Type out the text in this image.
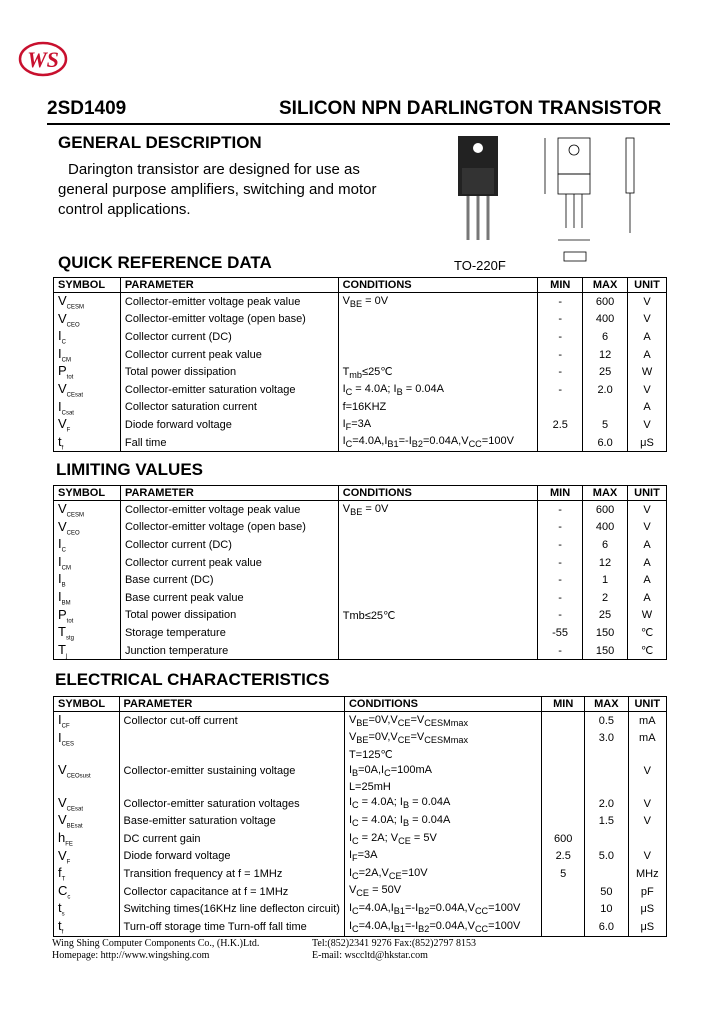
WS
2SD1409	SILICON NPN DARLINGTON TRANSISTOR
GENERAL DESCRIPTION
Darington transistor are designed for use as
general purpose amplifiers, switching and motor
control applications.
TO-220F
QUICK REFERENCE DATA
SYMBOL	PARAMETER	CONDITIONS	MIN	MAX	UNIT
$V_{CESM}$	Collector-emitter voltage peak value	$V_{BE} = 0V$	-	600	V
$V_{CEO}$	Collector-emitter voltage (open base)		-	400	V
$I_C$	Collector current (DC)		-	6	A
$I_{CM}$	Collector current peak value		-	12	A
$P_{tot}$	Total power dissipation	$T_{mb}\le 25℃$	-	25	W
$V_{CEsat}$	Collector-emitter saturation voltage	$I_C = 4.0A$; $I_B = 0.04A$	-	2.0	V
$I_{Csat}$	Collector saturation current	f=16KHZ			A
$V_F$	Diode forward voltage	$I_F=3A$	2.5	5	V
$t_f$	Fall time	$I_C=4.0A,I_{B1}=-I_{B2}=0.04A,V_{CC}=100V$		6.0	μS
LIMITING VALUES
SYMBOL	PARAMETER	CONDITIONS	MIN	MAX	UNIT
$V_{CESM}$	Collector-emitter voltage peak value	$V_{BE} = 0V$	-	600	V
$V_{CEO}$	Collector-emitter voltage (open base)		-	400	V
$I_C$	Collector current (DC)		-	6	A
$I_{CM}$	Collector current peak value		-	12	A
$I_B$	Base current (DC)		-	1	A
$I_{BM}$	Base current peak value		-	2	A
$P_{tot}$	Total power dissipation	Tmb≤25℃	-	25	W
$T_{stg}$	Storage temperature		-55	150	℃
$T_j$	Junction temperature		-	150	℃
ELECTRICAL CHARACTERISTICS
SYMBOL	PARAMETER	CONDITIONS	MIN	MAX	UNIT
$I_{CF}$	Collector cut-off current	$V_{BE}=0V,V_{CE}=V_{CESMmax}$		0.5	mA
$I_{CES}$		$V_{BE}=0V,V_{CE}=V_{CESMmax}$		3.0	mA
		T=125℃			
$V_{CEOsust}$	Collector-emitter sustaining voltage	$I_B=0A,I_C=100mA$			V
		L=25mH			
$V_{CEsat}$	Collector-emitter saturation voltages	$I_C = 4.0A$; $I_B = 0.04A$		2.0	V
$V_{BEsat}$	Base-emitter saturation voltage	$I_C = 4.0A$; $I_B = 0.04A$		1.5	V
$h_{FE}$	DC current gain	$I_C = 2A$; $V_{CE} = 5V$	600		
$V_F$	Diode forward voltage	$I_F=3A$	2.5	5.0	V
$f_T$	Transition frequency at f = 1MHz	$I_C=2A,V_{CE}=10V$	5		MHz
$C_c$	Collector capacitance at f = 1MHz	$V_{CE} = 50V$		50	pF
$t_s$	Switching times(16KHz line deflecton circuit)	$I_C=4.0A,I_{B1}=-I_{B2}=0.04A,V_{CC}=100V$		10	μS
$t_f$	Turn-off storage time Turn-off fall time	$I_C=4.0A,I_{B1}=-I_{B2}=0.04A,V_{CC}=100V$		6.0	μS
Wing Shing Computer Components Co., (H.K.)Ltd.
Homepage: http://www.wingshing.com
Tel:(852)2341 9276 Fax:(852)2797 8153
E-mail: wsccltd@hkstar.com
